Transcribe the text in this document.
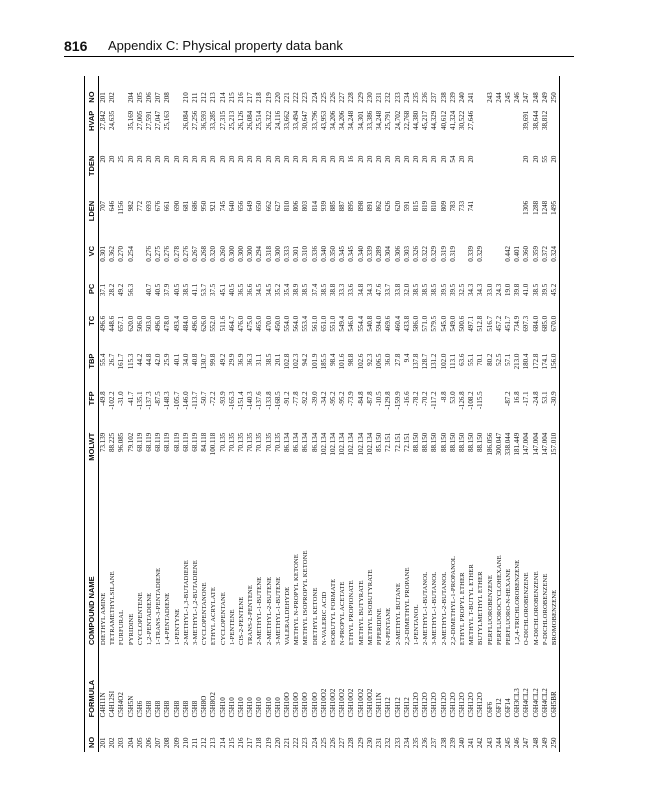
816 Appendix C: Physical property data bank
NO	FORMULA	COMPOUND NAME	MOLWT	TFP	TBP	TC	PC	VC	LDEN	TDEN	HVAP	NO
201	C4H11N	DIETHYL AMINE	73.139	-49.8	55.4	496.6	37.1	0.301	707	20	27,842	201
202	C4H12SI	TETRAMETHYLSILANE	88.225	-102.2	26.7	448.6	28.2	0.362	646	20	24,635	202
203	C5H4O2	FURFURAL	96.085	-31.0	161.7	657.1	49.2	0.270	1156	25		
204	C5H5N	PYRIDINE	79.102	-41.7	115.3	620.0	56.3	0.254	982	20	35,169	204
205	C5H6	CYCLOPENTENE	68.119	-135.1	44.2	506.0			772	20	27,005	205
206	C5H8	1,2-PENTADIENE	68.119	-137.3	44.8	503.0	40.7	0.276	693	20	27,591	206
207	C5H8	1-TRANS-3-PENTADIENE	68.119	-87.5	42.0	496.0	40.5	0.275	676	20	27,047	207
208	C5H8	1,4-PENTADIENE	68.119	-148.3	25.9	478.0	37.9	0.276	661	20	25,163	208
209	C5H8	1-PENTYNE	68.119	-105.7	40.1	493.4	40.5	0.278	690	20		
210	C5H8	2-METHYL-1,3-BUTADIENE	68.119	-146.0	34.0	484.0	38.5	0.276	681	20	26,084	210
211	C5H8	3-METHYL-1,2-BUTADIENE	68.119	-113.7	40.8	496.0	41.1	0.267	686	20	27,256	211
212	C5H8O	CYCLOPENTANONE	84.118	-50.7	130.7	626.0	53.7	0.268	950	20	36,593	212
213	C5H8O2	ETHYL ACRYLATE	100.118	-72.2	99.8	552.0	37.5	0.320	921	20	33,285	213
214	C5H10	CYCLOPENTANE	70.135	-93.9	49.2	511.6	45.1	0.260	745	20	27,315	214
215	C5H10	1-PENTENE	70.135	-165.3	29.9	464.7	40.5	0.300	640	20	25,213	215
216	C5H10	CIS-2-PENTENE	70.135	-151.4	36.9	476.0	36.5	0.300	656	20	26,126	216
217	C5H10	TRANS-2-PENTENE	70.135	-140.3	36.3	475.0	36.6	0.300	649	20	26,084	217
218	C5H10	2-METHYL-1-BUTENE	70.135	-137.6	31.1	465.0	34.5	0.294	650	20	25,514	218
219	C5H10	2-METHYL-2-BUTENE	70.135	-133.8	38.5	470.0	34.5	0.318	662	20	26,322	219
220	C5H10	3-METHYL-1-BUTENE	70.135	-168.5	20.1	450.0	35.2	0.300	627	20	24,116	220
221	C5H10O	VALERALDEHYDE	86.134	-91.2	102.8	554.0	35.4	0.333	810	20	33,662	221
222	C5H10O	METHYL N-PROPYL KETONE	86.134	-77.8	102.3	564.0	38.9	0.301	806	20	33,494	222
223	C5H10O	METHYL ISOPROPYL KETONE	86.134	-92.2	94.2	553.4	38.5	0.310	803	20	30,647	223
224	C5H10O	DIETHYL KETONE	86.134	-39.0	101.9	561.0	37.4	0.336	814	20	33,796	224
225	C5H10O2	N-VALERIC ACID	102.134	-34.2	185.5	651.0	38.5	0.340	939	20	43,953	225
226	C5H10O2	ISOBUTYL FORMATE	102.134	-95.2	98.4	551.0	38.8	0.350	885	20	34,206	226
227	C5H10O2	N-PROPYL ACETATE	102.134	-95.2	101.6	549.4	33.3	0.345	887	20	34,206	227
228	C5H10O2	ETHYL PROPIONATE	102.134	-73.9	98.8	546.0	33.6	0.345	895	16	34,248	228
229	C5H10O2	METHYL BUTYRATE	102.134	-84.8	102.6	554.4	34.8	0.340	898	20	34,301	229
230	C5H10O2	METHYL ISOBUTYRATE	102.134	-87.8	92.3	540.8	34.3	0.339	891	20	33,386	230
231	C5H11N	PIPERIDINE	85.150	-10.5	106.5	594.0	47.6	0.289	862	20	34,248	231
232	C5H12	N-PENTANE	72.151	-129.8	36.0	469.6	33.7	0.304	626	20	25,791	232
233	C5H12	2-METHYL BUTANE	72.151	-159.9	27.8	460.4	33.8	0.306	620	20	24,702	233
234	C5H12	2,2-DIMETHYL PROPANE	72.151	-16.6	9.4	433.8	32.0	0.303	591	20	22,768	234
235	C5H12O	1-PENTANOL	88.150	-78.2	137.8	586.0	38.5	0.326	815	20	44,380	235
236	C5H12O	2-METHYL-1-BUTANOL	88.150	-70.2	128.7	571.0	38.5	0.322	819	20	45,217	236
237	C5H12O	3-METHYL-1-BUTANOL	88.150	-117.2	131.2	579.5	38.5	0.329	810	20	44,329	237
238	C5H12O	2-METHYL-2-BUTANOL	88.150	-8.8	102.0	545.0	39.5	0.319	809	20	40,612	238
239	C5H12O	2,2-DIMETHYL-1-PROPANOL	88.150	53.0	113.1	549.0	39.5	0.319	783	54	41,324	239
240	C5H12O	ETHYL PROPYL ETHER	88.150	-126.8	63.6	500.6	32.5		733	20	30,522	240
241	C5H12O	METHYL T-BUTYL ETHER	88.150	-108.2	55.1	497.1	34.3	0.339	741	20	27,646	241
242	C5H12O	BUTYLMETHYL ETHER	88.150	-115.5	70.1	512.8	34.3	0.329				
243	C6F6	PERFLUOROBENZENE	186.056		80.2	516.7	33.0					243
244	C6F12	PERFLUOROCYCLOHEXANE	300.047		52.5	457.2	24.3					244
245	C6F14	PERFLUORO-N-HEXANE	338.044	-87.2	57.1	451.7	19.0	0.442				245
246	C6H3CL3	1,2,4-TRICHLOROBENZENE	181.449	16.8	213.0	734.9	39.8	0.401				246
247	C6H4CL2	O-DICHLOROBENZENE	147.004	-17.1	180.4	697.3	41.0	0.360	1306	20	39,691	247
248	C6H4CL2	M-DICHLOROBENZENE	147.004	-24.8	172.8	684.0	38.5	0.359	1288	20	38,644	248
249	C6H4CL2	P-DICHLOROBENZENE	147.004	53.1	174.1	685.0	39.5	0.372	1248	55	38,812	249
250	C6H5BR	BROMOBENZENE	157.010	-30.9	156.0	670.0	45.2	0.324	1495	20		250
